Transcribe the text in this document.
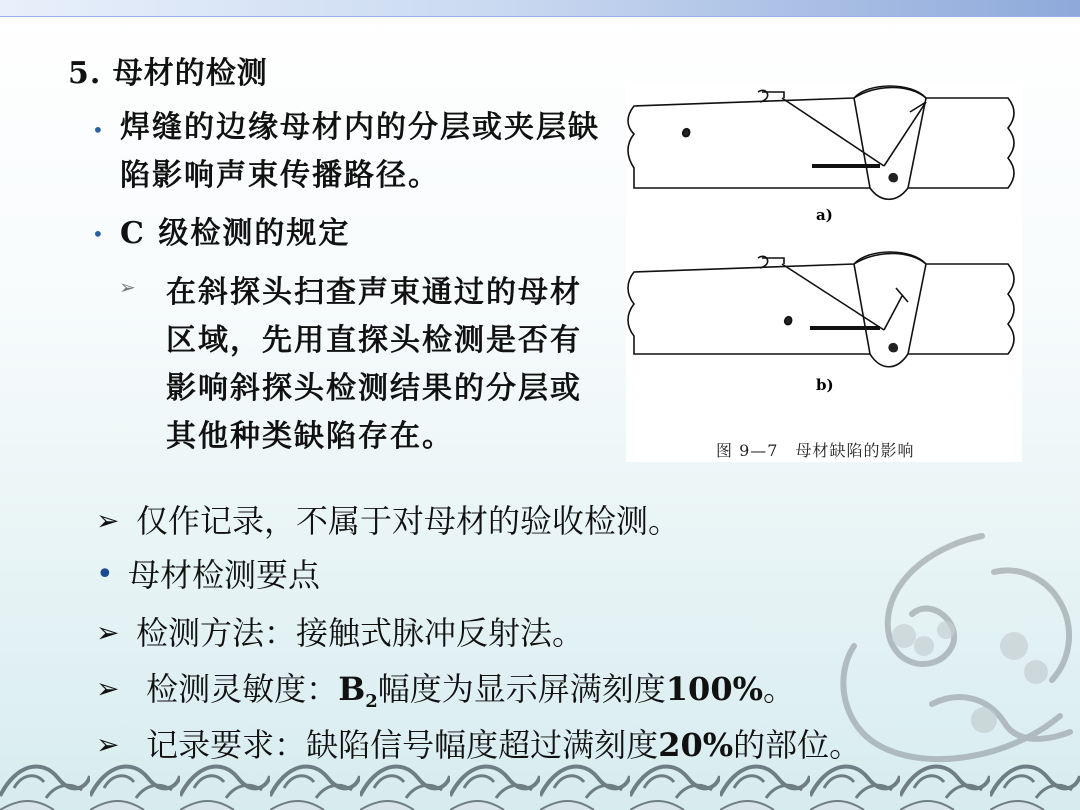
5. 母材的检测
• 焊缝的边缘母材内的分层或夹层缺陷影响声束传播路径。
• C 级检测的规定
➢ 在斜探头扫查声束通过的母材区域，先用直探头检测是否有影响斜探头检测结果的分层或其他种类缺陷存在。
a)
b)
图 9—7　母材缺陷的影响
➢ 仅作记录，不属于对母材的验收检测。
• 母材检测要点
➢ 检测方法：接触式脉冲反射法。
➢ 检测灵敏度：$B_2$幅度为显示屏满刻度100%。
